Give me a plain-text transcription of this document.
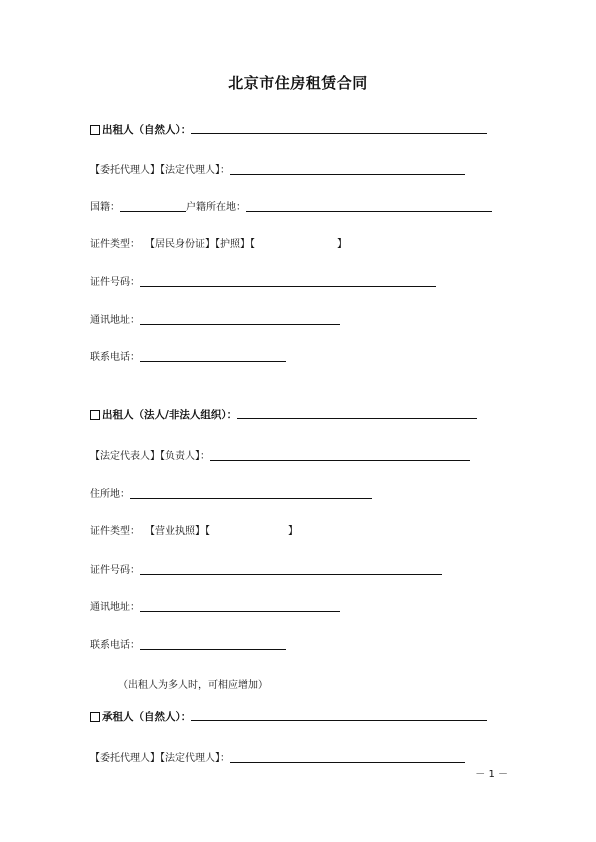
北京市住房租赁合同
出租人（自然人）：
【委托代理人】【法定代理人】：
国籍：	户籍所在地：
证件类型： 【居民身份证】【护照】【	】
证件号码：
通讯地址：
联系电话：
出租人（法人/非法人组织）：
【法定代表人】【负责人】：
住所地：
证件类型： 【营业执照】【	】
证件号码：
通讯地址：
联系电话：
（出租人为多人时，可相应增加）
承租人（自然人）：
【委托代理人】【法定代理人】：
－ 1 －
